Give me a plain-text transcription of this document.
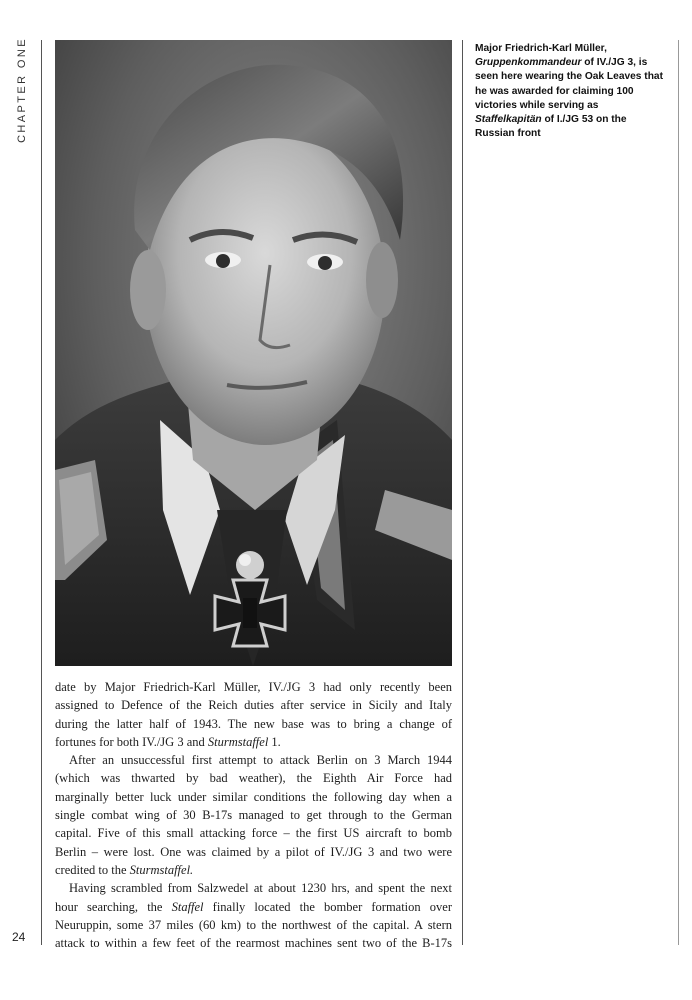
CHAPTER ONE
24
Major Friedrich-Karl Müller, Gruppenkommandeur of IV./JG 3, is seen here wearing the Oak Leaves that he was awarded for claiming 100 victories while serving as Staffelkapitän of I./JG 53 on the Russian front

date by Major Friedrich-Karl Müller, IV./JG 3 had only recently been

assigned to Defence of the Reich duties after service in Sicily and Italy

during the latter half of 1943. The new base was to bring a change of

fortunes for both IV./JG 3 and Sturmstaffel 1.

After an unsuccessful first attempt to attack Berlin on 3 March 1944

(which was thwarted by bad weather), the Eighth Air Force had

marginally better luck under similar conditions the following day when a

single combat wing of 30 B-17s managed to get through to the German

capital. Five of this small attacking force – the first US aircraft to bomb

Berlin – were lost. One was claimed by a pilot of IV./JG 3 and two were

credited to the Sturmstaffel.

Having scrambled from Salzwedel at about 1230 hrs, and spent the next

hour searching, the Staffel finally located the bomber formation over

Neuruppin, some 37 miles (60 km) to the northwest of the capital. A stern

attack to within a few feet of the rearmost machines sent two of the B-17s
